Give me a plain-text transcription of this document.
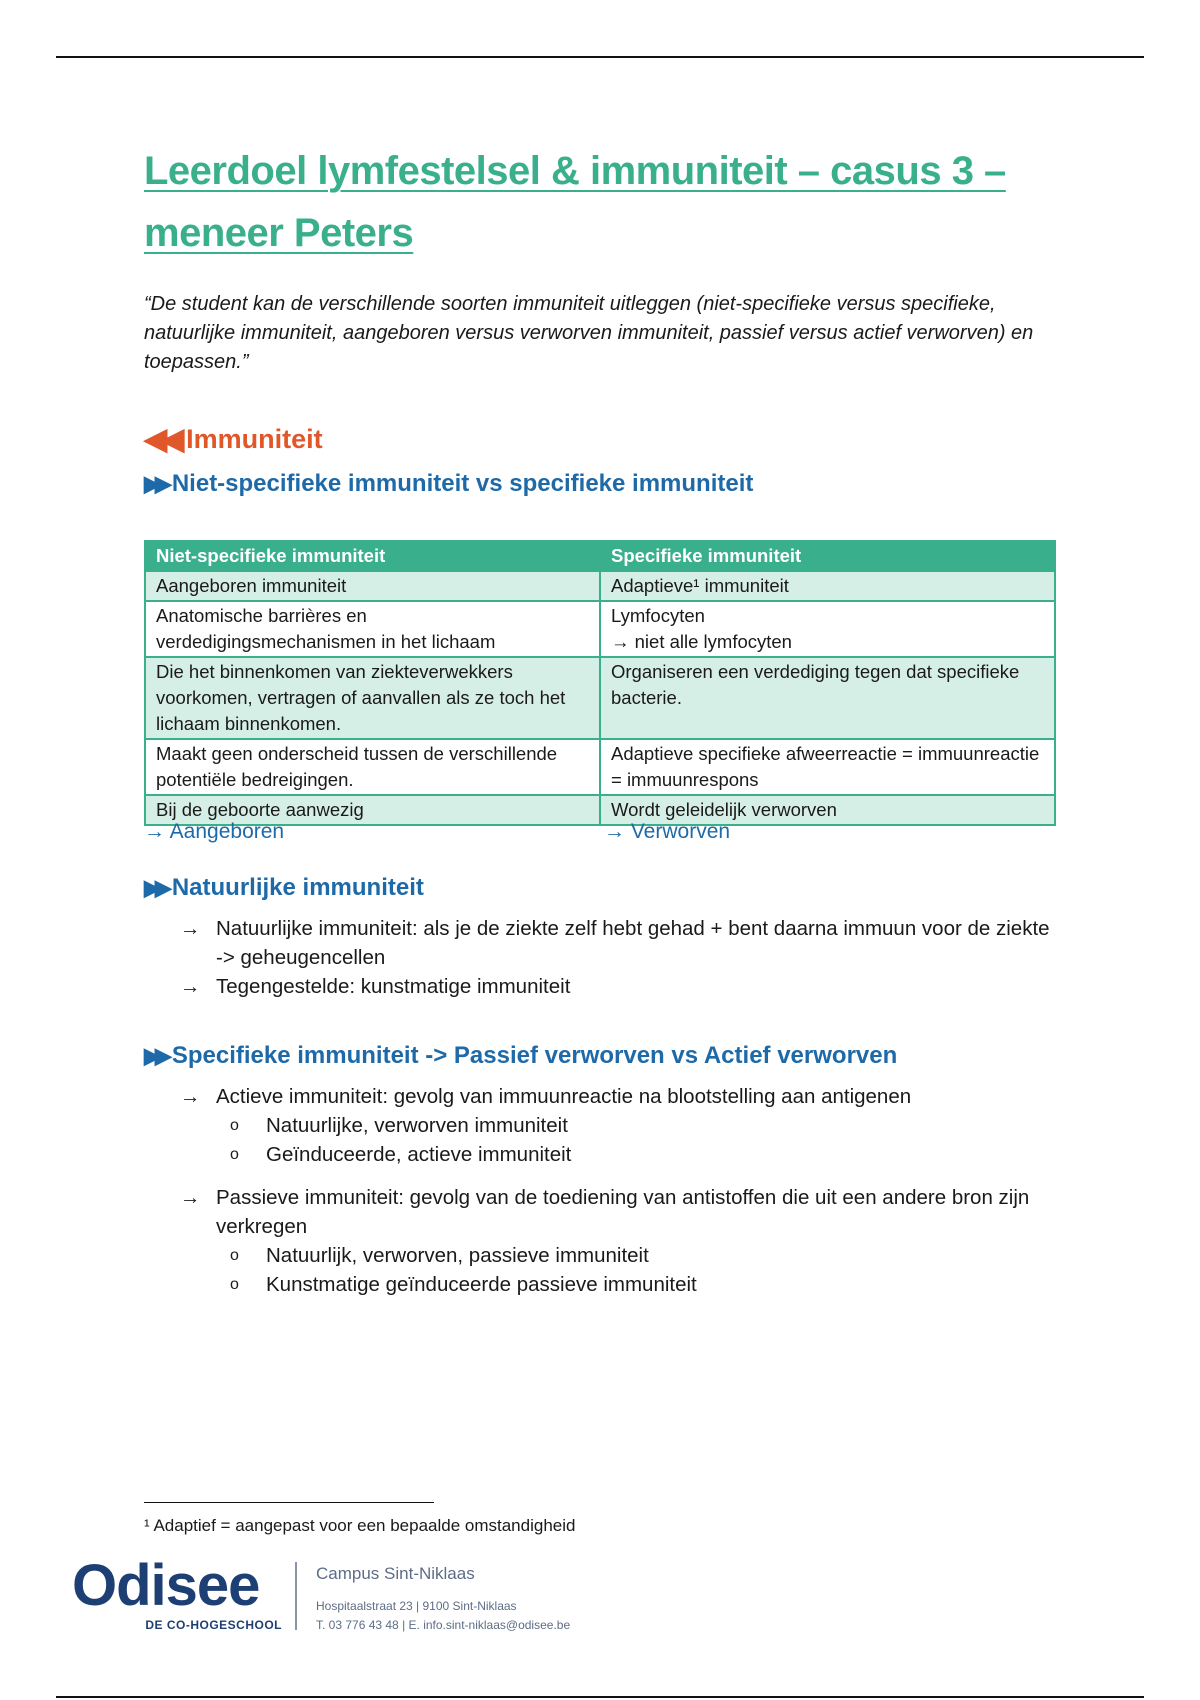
Leerdoel lymfestelsel & immuniteit – casus 3 – meneer Peters

“De student kan de verschillende soorten immuniteit uitleggen (niet-specifieke versus specifieke, natuurlijke immuniteit, aangeboren versus verworven immuniteit, passief versus actief verworven) en toepassen.”

◀◀ Immuniteit
▶▶ Niet-specifieke immuniteit vs specifieke immuniteit
Niet-specifieke immuniteit	Specifieke immuniteit
Aangeboren immuniteit	Adaptieve¹ immuniteit
Anatomische barrières en verdedigingsmechanismen in het lichaam	Lymfocyten
→ niet alle lymfocyten
Die het binnenkomen van ziekteverwekkers voorkomen, vertragen of aanvallen als ze toch het lichaam binnenkomen.	Organiseren een verdediging tegen dat specifieke bacterie.
Maakt geen onderscheid tussen de verschillende potentiële bedreigingen.	Adaptieve specifieke afweerreactie = immuunreactie = immuunrespons
Bij de geboorte aanwezig	Wordt geleidelijk verworven
→ Aangeboren	→ Verworven
▶▶ Natuurlijke immuniteit
→ Natuurlijke immuniteit: als je de ziekte zelf hebt gehad + bent daarna immuun voor de ziekte -> geheugencellen
→ Tegengestelde: kunstmatige immuniteit
▶▶ Specifieke immuniteit -> Passief verworven vs Actief verworven
→ Actieve immuniteit: gevolg van immuunreactie na blootstelling aan antigenen
o	Natuurlijke, verworven immuniteit
o	Geïnduceerde, actieve immuniteit
→ Passieve immuniteit: gevolg van de toediening van antistoffen die uit een andere bron zijn verkregen
o	Natuurlijk, verworven, passieve immuniteit
o	Kunstmatige geïnduceerde passieve immuniteit
¹ Adaptief = aangepast voor een bepaalde omstandigheid
Odisee
DE CO-HOGESCHOOL
Campus Sint-Niklaas
Hospitaalstraat 23 | 9100 Sint-Niklaas
T. 03 776 43 48 | E. info.sint-niklaas@odisee.be
